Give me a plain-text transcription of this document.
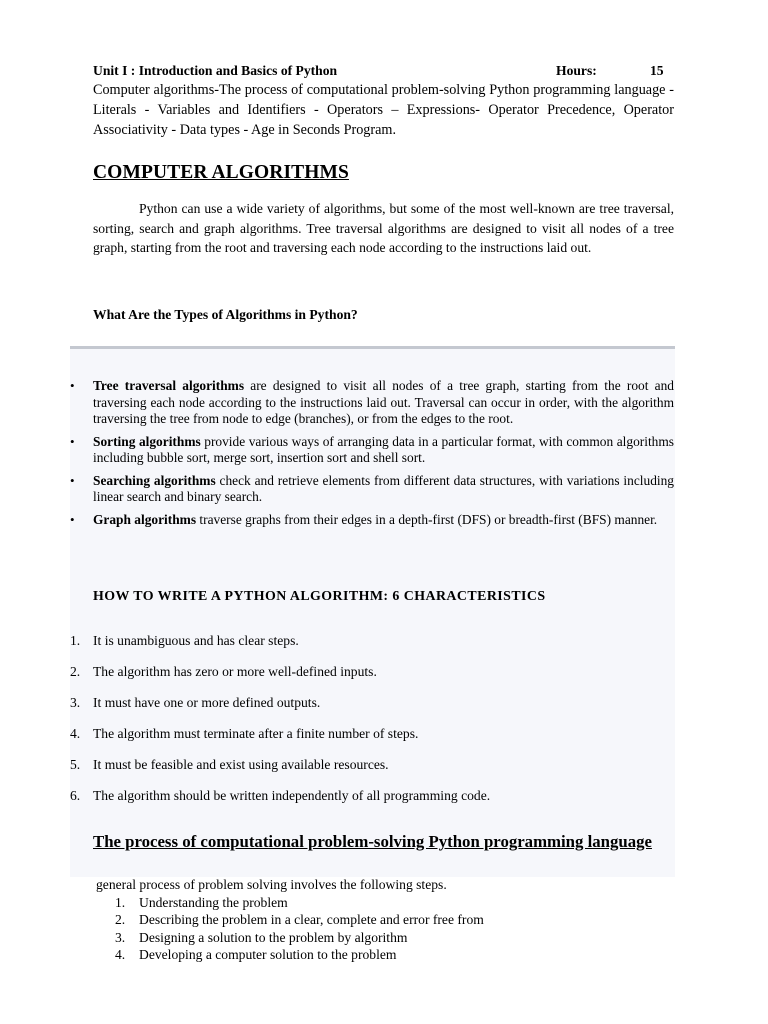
Unit I : Introduction and Basics of Python	Hours:	15
Computer algorithms-The process of computational problem-solving Python programming language - Literals - Variables and Identifiers - Operators – Expressions- Operator Precedence, Operator Associativity - Data types - Age in Seconds Program.
COMPUTER ALGORITHMS
Python can use a wide variety of algorithms, but some of the most well-known are tree traversal, sorting, search and graph algorithms. Tree traversal algorithms are designed to visit all nodes of a tree graph, starting from the root and traversing each node according to the instructions laid out.
What Are the Types of Algorithms in Python?
• Tree traversal algorithms are designed to visit all nodes of a tree graph, starting from the root and traversing each node according to the instructions laid out. Traversal can occur in order, with the algorithm traversing the tree from node to edge (branches), or from the edges to the root.
• Sorting algorithms provide various ways of arranging data in a particular format, with common algorithms including bubble sort, merge sort, insertion sort and shell sort.
• Searching algorithms check and retrieve elements from different data structures, with variations including linear search and binary search.
• Graph algorithms traverse graphs from their edges in a depth-first (DFS) or breadth-first (BFS) manner.
HOW TO WRITE A PYTHON ALGORITHM: 6 CHARACTERISTICS
1. It is unambiguous and has clear steps.
2. The algorithm has zero or more well-defined inputs.
3. It must have one or more defined outputs.
4. The algorithm must terminate after a finite number of steps.
5. It must be feasible and exist using available resources.
6. The algorithm should be written independently of all programming code.
The process of computational problem-solving Python programming language
general process of problem solving involves the following steps.
1. Understanding the problem
2. Describing the problem in a clear, complete and error free from
3. Designing a solution to the problem by algorithm
4. Developing a computer solution to the problem
